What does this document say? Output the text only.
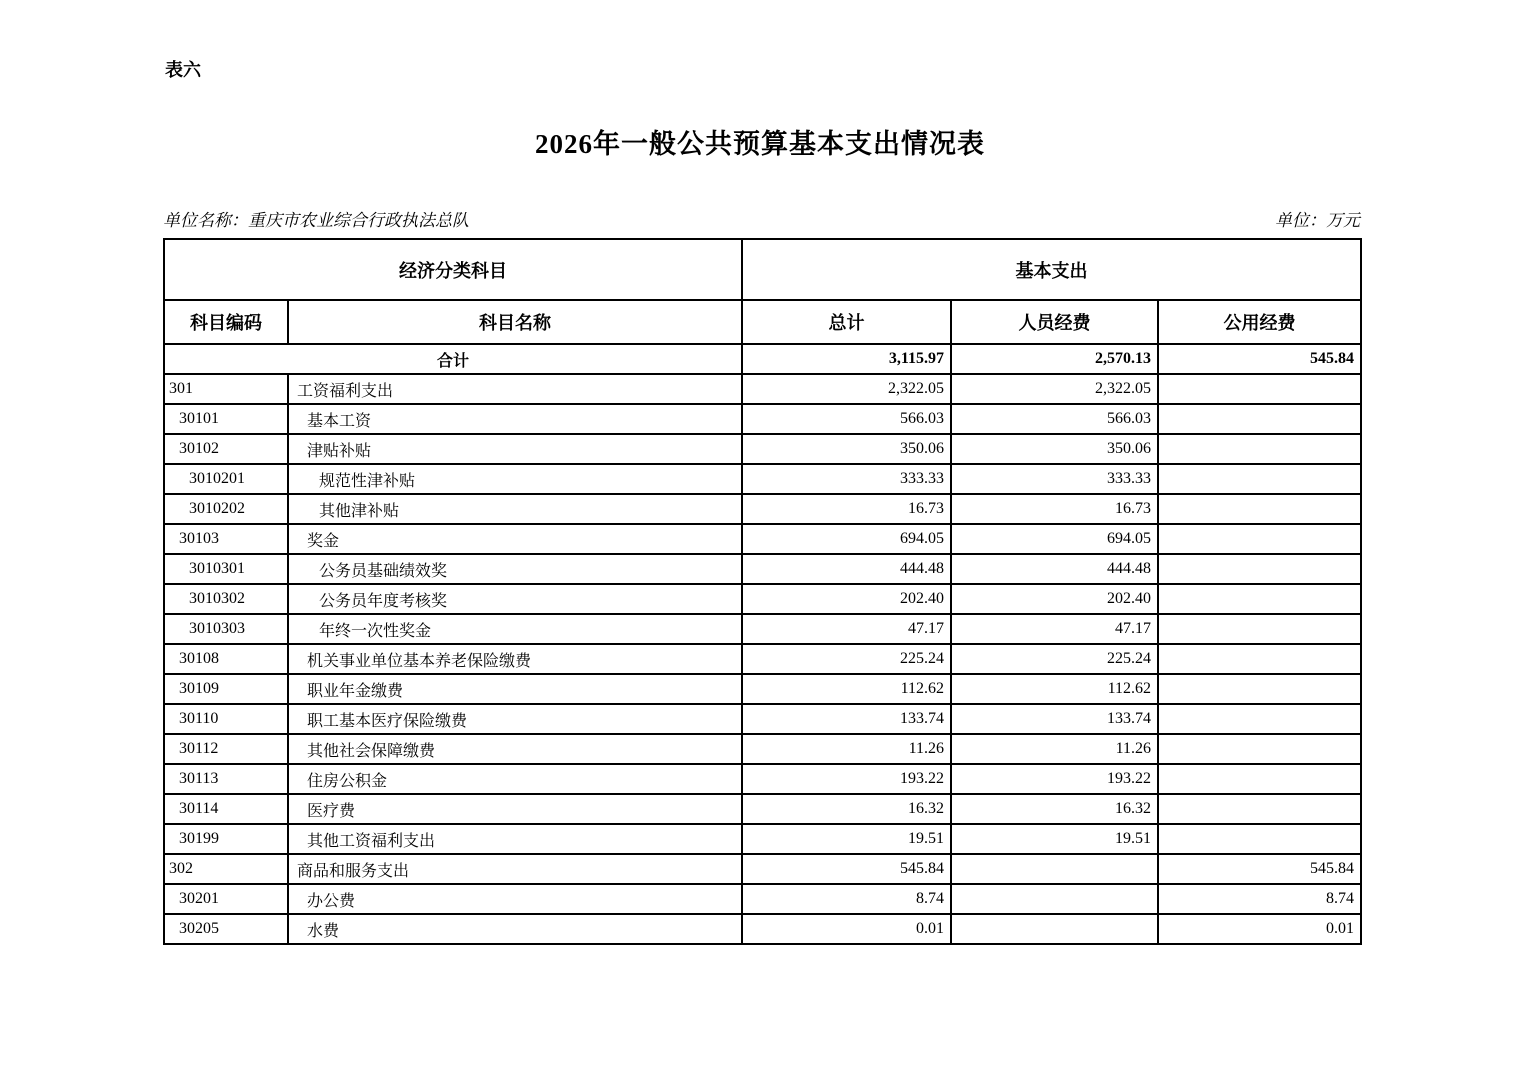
表六
2026年一般公共预算基本支出情况表
单位名称：重庆市农业综合行政执法总队	单位：万元
经济分类科目		基本支出		
科目编码	科目名称	总计	人员经费	公用经费
合计		3,115.97	2,570.13	545.84
301	工资福利支出	2,322.05	2,322.05	
30101	基本工资	566.03	566.03	
30102	津贴补贴	350.06	350.06	
3010201	规范性津补贴	333.33	333.33	
3010202	其他津补贴	16.73	16.73	
30103	奖金	694.05	694.05	
3010301	公务员基础绩效奖	444.48	444.48	
3010302	公务员年度考核奖	202.40	202.40	
3010303	年终一次性奖金	47.17	47.17	
30108	机关事业单位基本养老保险缴费	225.24	225.24	
30109	职业年金缴费	112.62	112.62	
30110	职工基本医疗保险缴费	133.74	133.74	
30112	其他社会保障缴费	11.26	11.26	
30113	住房公积金	193.22	193.22	
30114	医疗费	16.32	16.32	
30199	其他工资福利支出	19.51	19.51	
302	商品和服务支出	545.84		545.84
30201	办公费	8.74		8.74
30205	水费	0.01		0.01
